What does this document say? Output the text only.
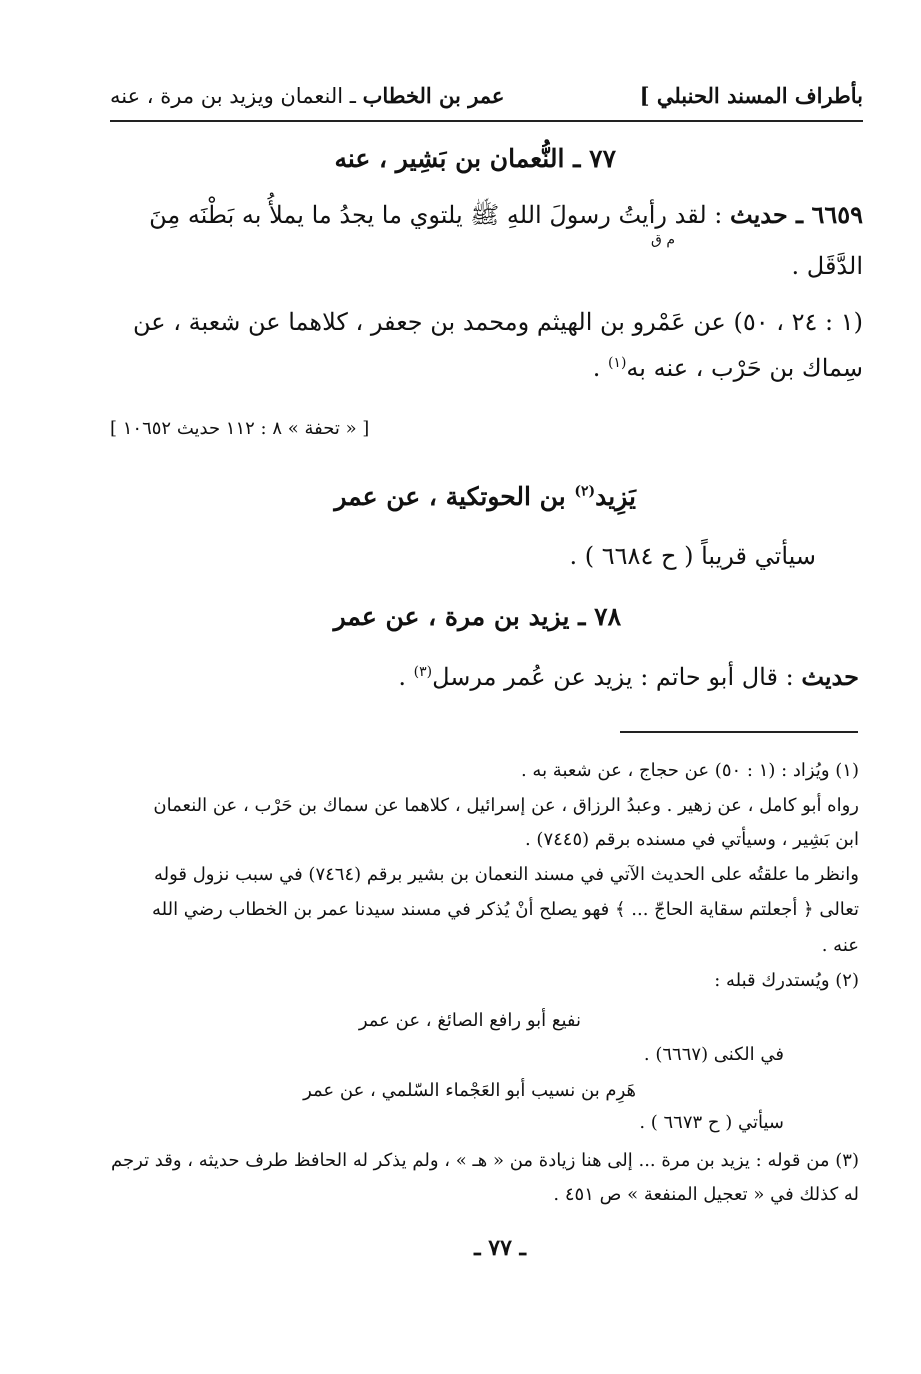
بأطراف المسند الحنبلي ]
عمر بن الخطاب ـ النعمان ويزيد بن مرة ، عنه
٧٧ ـ النُّعمان بن بَشِير ، عنه
٦٦٥٩ ـ حديث : لقد رأيتُ رسولَ اللهِ ﷺ يلتوي ما يجدُ ما يملأُ به بَطْنَه مِنَ
م ق
الدَّقَل .
(١ : ٢٤ ، ٥٠) عن عَمْرو بن الهيثم ومحمد بن جعفر ، كلاهما عن شعبة ، عن
سِماك بن حَرْب ، عنه به$^{(١)}$ .
[ « تحفة » ٨ : ١١٢ حديث ١٠٦٥٢ ]
يَزِيد$^{(٢)}$ بن الحوتكية ، عن عمر
سيأتي قريباً ( ح ٦٦٨٤ ) .
٧٨ ـ يزيد بن مرة ، عن عمر
حديث : قال أبو حاتم : يزيد عن عُمر مرسل$^{(٣)}$ .
(١) ويُزاد : (١ : ٥٠) عن حجاج ، عن شعبة به .
رواه أبو كامل ، عن زهير . وعبدُ الرزاق ، عن إسرائيل ، كلاهما عن سماك بن حَرْب ، عن النعمان
ابن بَشِير ، وسيأتي في مسنده برقم (٧٤٤٥) .
وانظر ما علقتُه على الحديث الآتي في مسند النعمان بن بشير برقم (٧٤٦٤) في سبب نزول قوله
تعالى ﴿ أجعلتم سقاية الحاجّ ... ﴾ فهو يصلح أنْ يُذكر في مسند سيدنا عمر بن الخطاب رضي الله
عنه .
(٢) ويُستدرك قبله :
نفيع أبو رافع الصائغ ، عن عمر
في الكنى (٦٦٦٧) .
هَرِم بن نسيب أبو العَجْماء السّلمي ، عن عمر
سيأتي ( ح ٦٦٧٣ ) .
(٣) من قوله : يزيد بن مرة ... إلى هنا زيادة من « هـ » ، ولم يذكر له الحافظ طرف حديثه ، وقد ترجم
له كذلك في « تعجيل المنفعة » ص ٤٥١ .
ـ ٧٧ ـ
